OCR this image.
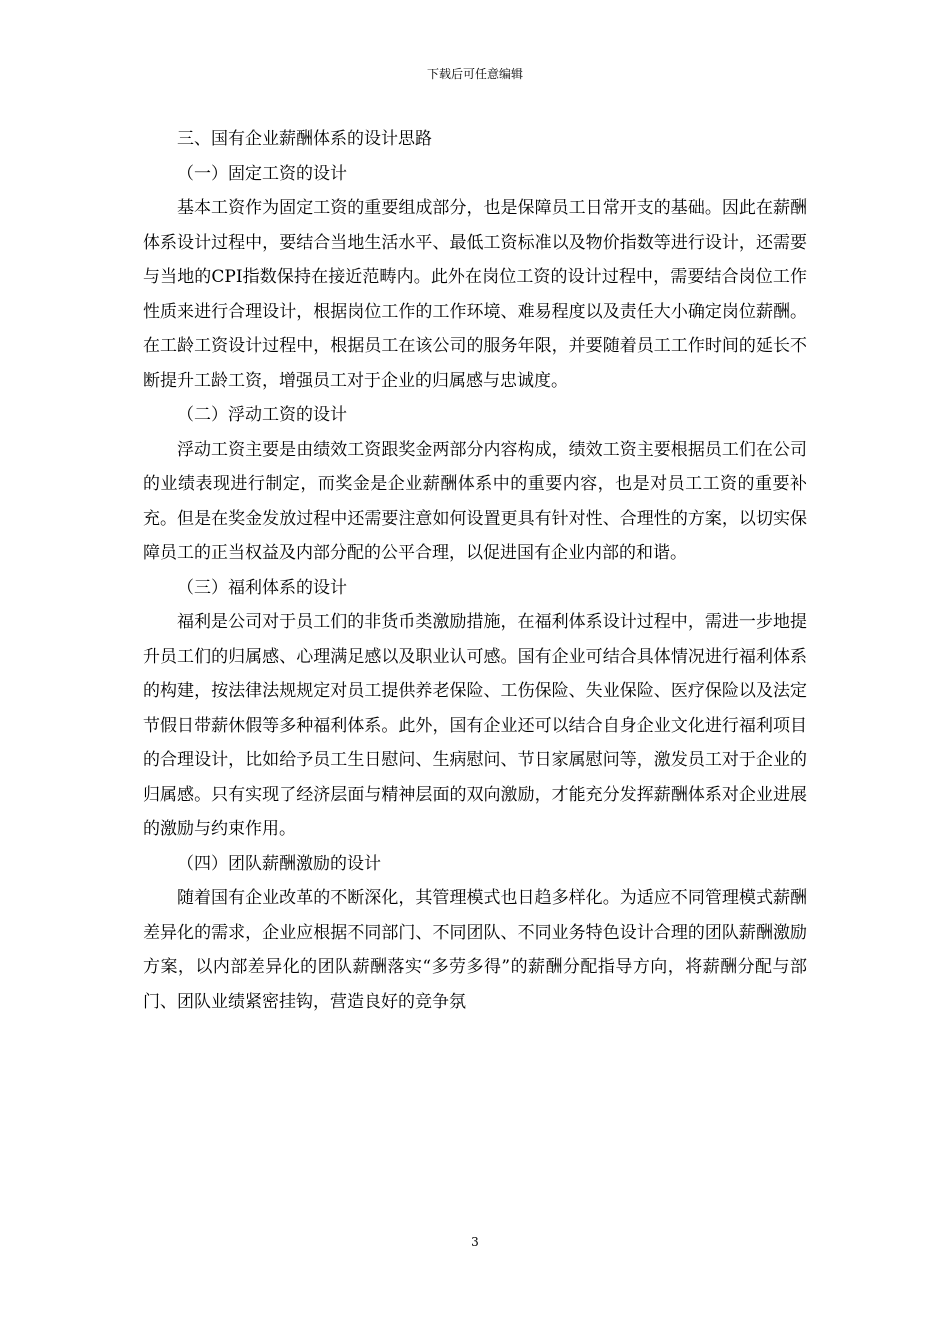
下载后可任意编辑

三、国有企业薪酬体系的设计思路

（一）固定工资的设计

基本工资作为固定工资的重要组成部分，也是保障员工日常开支的基础。因此在薪酬体系设计过程中，要结合当地生活水平、最低工资标准以及物价指数等进行设计，还需要与当地的CPI指数保持在接近范畴内。此外在岗位工资的设计过程中，需要结合岗位工作性质来进行合理设计，根据岗位工作的工作环境、难易程度以及责任大小确定岗位薪酬。在工龄工资设计过程中，根据员工在该公司的服务年限，并要随着员工工作时间的延长不断提升工龄工资，增强员工对于企业的归属感与忠诚度。

（二）浮动工资的设计

浮动工资主要是由绩效工资跟奖金两部分内容构成，绩效工资主要根据员工们在公司的业绩表现进行制定，而奖金是企业薪酬体系中的重要内容，也是对员工工资的重要补充。但是在奖金发放过程中还需要注意如何设置更具有针对性、合理性的方案，以切实保障员工的正当权益及内部分配的公平合理，以促进国有企业内部的和谐。

（三）福利体系的设计

福利是公司对于员工们的非货币类激励措施，在福利体系设计过程中，需进一步地提升员工们的归属感、心理满足感以及职业认可感。国有企业可结合具体情况进行福利体系的构建，按法律法规规定对员工提供养老保险、工伤保险、失业保险、医疗保险以及法定节假日带薪休假等多种福利体系。此外，国有企业还可以结合自身企业文化进行福利项目的合理设计，比如给予员工生日慰问、生病慰问、节日家属慰问等，激发员工对于企业的归属感。只有实现了经济层面与精神层面的双向激励，才能充分发挥薪酬体系对企业进展的激励与约束作用。

（四）团队薪酬激励的设计

随着国有企业改革的不断深化，其管理模式也日趋多样化。为适应不同管理模式薪酬差异化的需求，企业应根据不同部门、不同团队、不同业务特色设计合理的团队薪酬激励方案，以内部差异化的团队薪酬落实“多劳多得”的薪酬分配指导方向，将薪酬分配与部门、团队业绩紧密挂钩，营造良好的竞争氛

3
